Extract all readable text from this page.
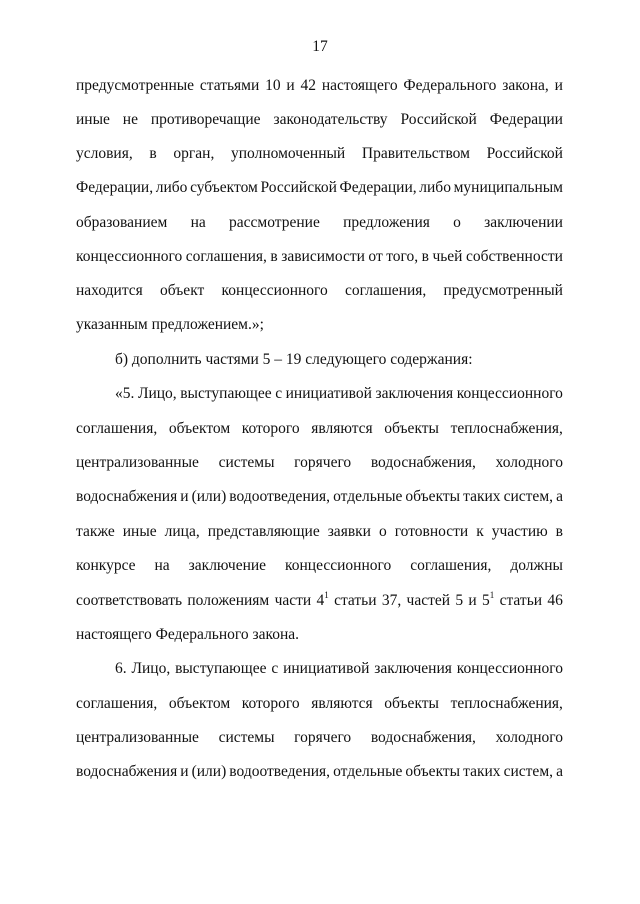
17
соответствовать положениям части $4^1$ статьи 37, частей 5 и $5^1$ статьи 46
предусмотренные статьями 10 и 42 настоящего Федерального закона, и
иные не противоречащие законодательству Российской Федерации
условия, в орган, уполномоченный Правительством Российской
Федерации, либо субъектом Российской Федерации, либо муниципальным
образованием на рассмотрение предложения о заключении
концессионного соглашения, в зависимости от того, в чьей собственности
находится объект концессионного соглашения, предусмотренный
указанным предложением.»;
б) дополнить частями 5 – 19 следующего содержания:
«5. Лицо, выступающее с инициативой заключения концессионного
соглашения, объектом которого являются объекты теплоснабжения,
централизованные системы горячего водоснабжения, холодного
водоснабжения и (или) водоотведения, отдельные объекты таких систем, а
также иные лица, представляющие заявки о готовности к участию в
конкурсе на заключение концессионного соглашения, должны
настоящего Федерального закона.
6. Лицо, выступающее с инициативой заключения концессионного
соглашения, объектом которого являются объекты теплоснабжения,
централизованные системы горячего водоснабжения, холодного
водоснабжения и (или) водоотведения, отдельные объекты таких систем, а
